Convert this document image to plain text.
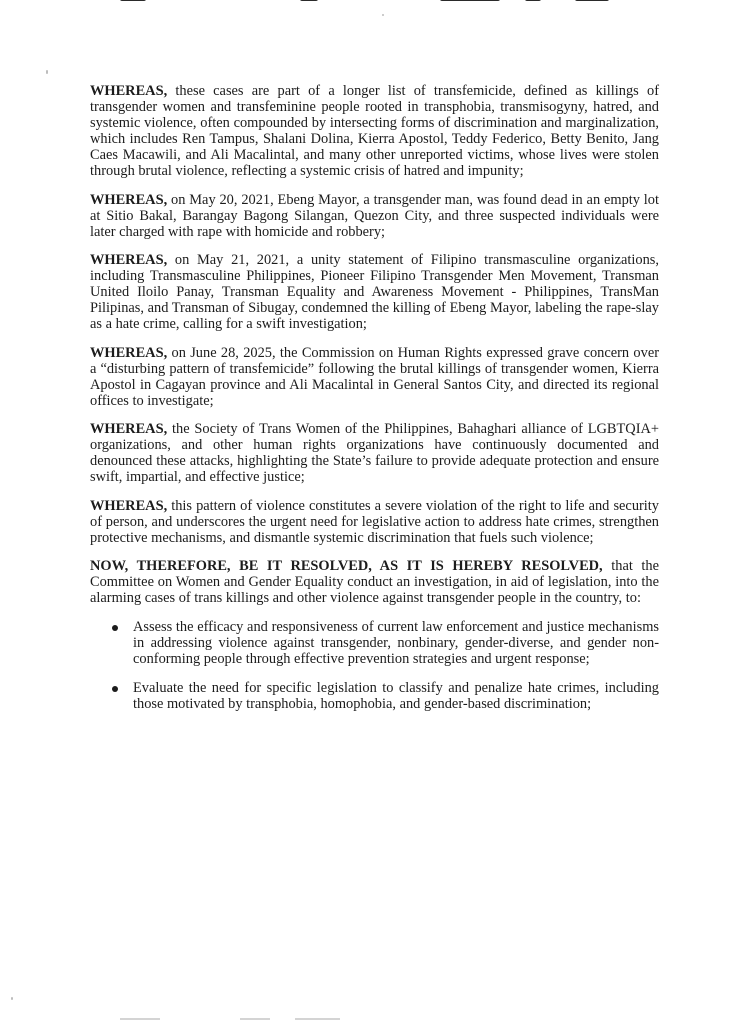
WHEREAS, these cases are part of a longer list of transfemicide, defined as killings of transgender women and transfeminine people rooted in transphobia, transmisogyny, hatred, and systemic violence, often compounded by intersecting forms of discrimination and marginalization, which includes Ren Tampus, Shalani Dolina, Kierra Apostol, Teddy Federico, Betty Benito, Jang Caes Macawili, and Ali Macalintal, and many other unreported victims, whose lives were stolen through brutal violence, reflecting a systemic crisis of hatred and impunity;

WHEREAS, on May 20, 2021, Ebeng Mayor, a transgender man, was found dead in an empty lot at Sitio Bakal, Barangay Bagong Silangan, Quezon City, and three suspected individuals were later charged with rape with homicide and robbery;

WHEREAS, on May 21, 2021, a unity statement of Filipino transmasculine organizations, including Transmasculine Philippines, Pioneer Filipino Transgender Men Movement, Transman United Iloilo Panay, Transman Equality and Awareness Movement - Philippines, TransMan Pilipinas, and Transman of Sibugay, condemned the killing of Ebeng Mayor, labeling the rape-slay as a hate crime, calling for a swift investigation;

WHEREAS, on June 28, 2025, the Commission on Human Rights expressed grave concern over a “disturbing pattern of transfemicide” following the brutal killings of transgender women, Kierra Apostol in Cagayan province and Ali Macalintal in General Santos City, and directed its regional offices to investigate;

WHEREAS, the Society of Trans Women of the Philippines, Bahaghari alliance of LGBTQIA+ organizations, and other human rights organizations have continuously documented and denounced these attacks, highlighting the State’s failure to provide adequate protection and ensure swift, impartial, and effective justice;

WHEREAS, this pattern of violence constitutes a severe violation of the right to life and security of person, and underscores the urgent need for legislative action to address hate crimes, strengthen protective mechanisms, and dismantle systemic discrimination that fuels such violence;

NOW, THEREFORE, BE IT RESOLVED, AS IT IS HEREBY RESOLVED, that the Committee on Women and Gender Equality conduct an investigation, in aid of legislation, into the alarming cases of trans killings and other violence against transgender people in the country, to:

Assess the efficacy and responsiveness of current law enforcement and justice mechanisms in addressing violence against transgender, nonbinary, gender-diverse, and gender non-conforming people through effective prevention strategies and urgent response;
Evaluate the need for specific legislation to classify and penalize hate crimes, including those motivated by transphobia, homophobia, and gender-based discrimination;
